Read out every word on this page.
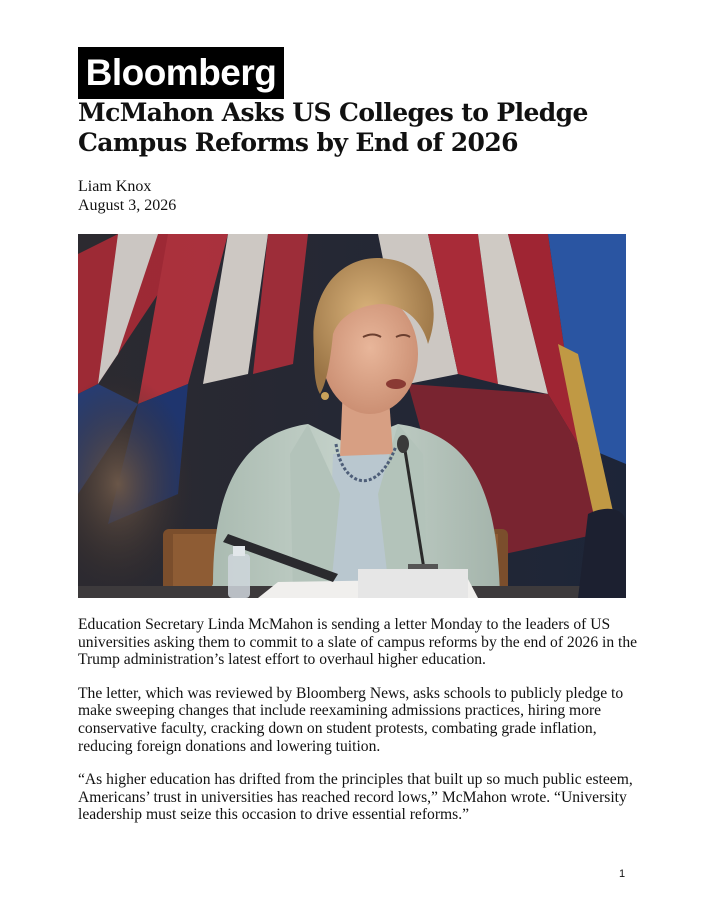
Bloomberg
McMahon Asks US Colleges to Pledge Campus Reforms by End of 2026
Liam Knox
August 3, 2026

Education Secretary Linda McMahon is sending a letter Monday to the leaders of US universities asking them to commit to a slate of campus reforms by the end of 2026 in the Trump administration’s latest effort to overhaul higher education.

The letter, which was reviewed by Bloomberg News, asks schools to publicly pledge to make sweeping changes that include reexamining admissions practices, hiring more conservative faculty, cracking down on student protests, combating grade inflation, reducing foreign donations and lowering tuition.

“As higher education has drifted from the principles that built up so much public esteem, Americans’ trust in universities has reached record lows,” McMahon wrote. “University leadership must seize this occasion to drive essential reforms.”

1
